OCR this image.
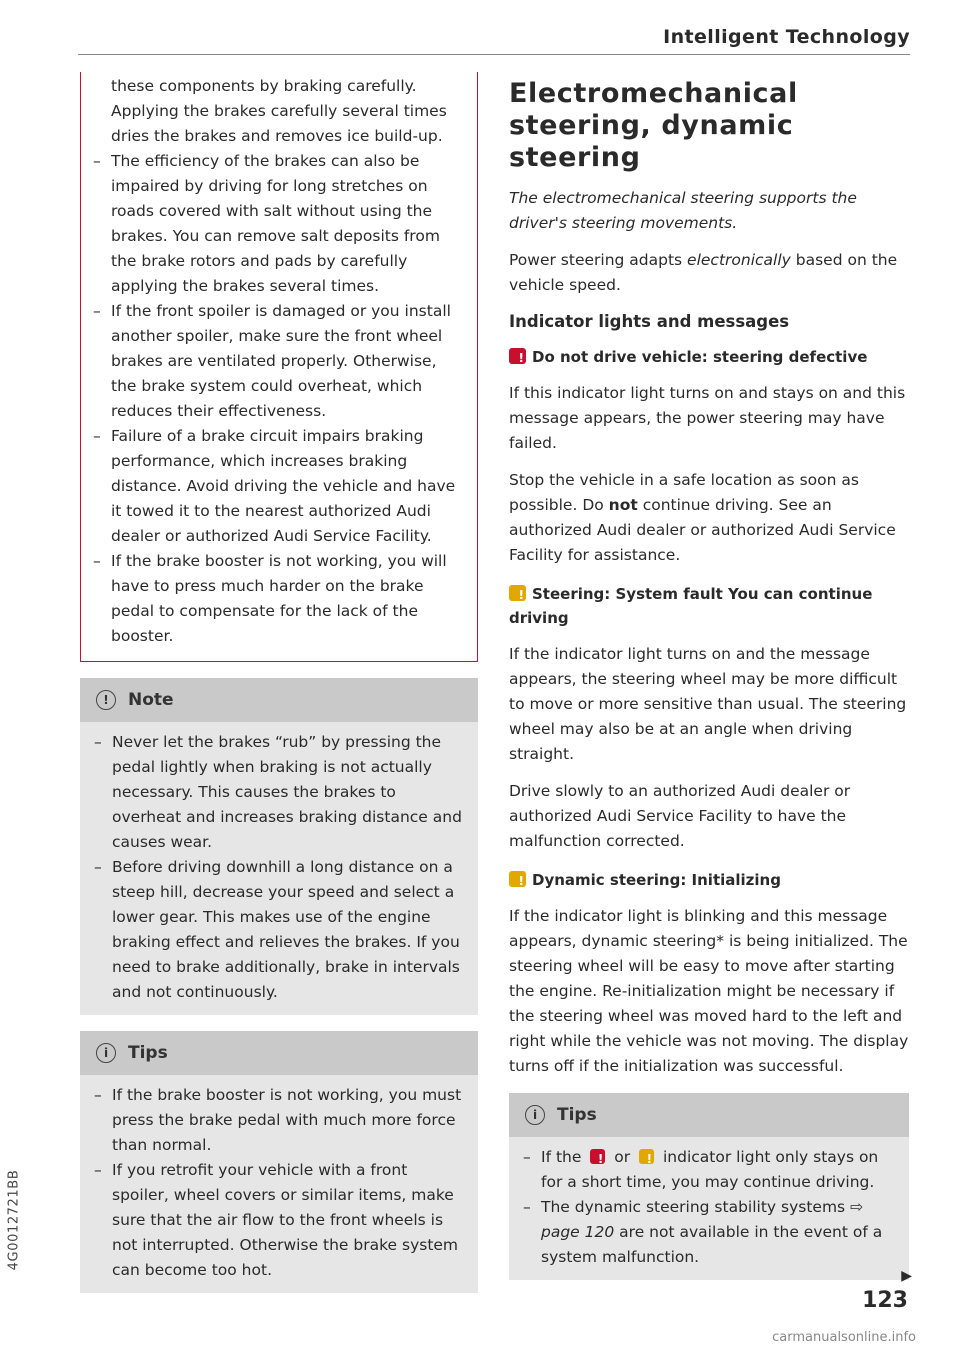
Intelligent Technology
4G0012721BB

these components by braking carefully. Applying the brakes carefully several times dries the brakes and removes ice build-up.

– The efficiency of the brakes can also be impaired by driving for long stretches on roads covered with salt without using the brakes. You can remove salt deposits from the brake rotors and pads by carefully applying the brakes several times.
– If the front spoiler is damaged or you install another spoiler, make sure the front wheel brakes are ventilated properly. Otherwise, the brake system could overheat, which reduces their effectiveness.
– Failure of a brake circuit impairs braking performance, which increases braking distance. Avoid driving the vehicle and have it towed it to the nearest authorized Audi dealer or authorized Audi Service Facility.
– If the brake booster is not working, you will have to press much harder on the brake pedal to compensate for the lack of the booster.
!	Note
– Never let the brakes “rub” by pressing the pedal lightly when braking is not actually necessary. This causes the brakes to overheat and increases braking distance and causes wear.
– Before driving downhill a long distance on a steep hill, decrease your speed and select a lower gear. This makes use of the engine braking effect and relieves the brakes. If you need to brake additionally, brake in intervals and not continuously.
i	Tips
– If the brake booster is not working, you must press the brake pedal with much more force than normal.
– If you retrofit your vehicle with a front spoiler, wheel covers or similar items, make sure that the air flow to the front wheels is not interrupted. Otherwise the brake system can become too hot.
Electromechanical steering, dynamic steering

The electromechanical steering supports the driver's steering movements.

Power steering adapts electronically based on the vehicle speed.

Indicator lights and messages
!Do not drive vehicle: steering defective

If this indicator light turns on and stays on and this message appears, the power steering may have failed.

Stop the vehicle in a safe location as soon as possible. Do not continue driving. See an authorized Audi dealer or authorized Audi Service Facility for assistance.

!Steering: System fault You can continue driving

If the indicator light turns on and the message appears, the steering wheel may be more difficult to move or more sensitive than usual. The steering wheel may also be at an angle when driving straight.

Drive slowly to an authorized Audi dealer or authorized Audi Service Facility to have the malfunction corrected.

!Dynamic steering: Initializing

If the indicator light is blinking and this message appears, dynamic steering* is being initialized. The steering wheel will be easy to move after starting the engine. Re-initialization might be necessary if the steering wheel was moved hard to the left and right while the vehicle was not moving. The display turns off if the initialization was successful.

i	Tips
– If the ! or ! indicator light only stays on for a short time, you may continue driving.
– The dynamic steering stability systems ⇨ page 120 are not available in the event of a system malfunction.
▶
123
carmanualsonline.info
